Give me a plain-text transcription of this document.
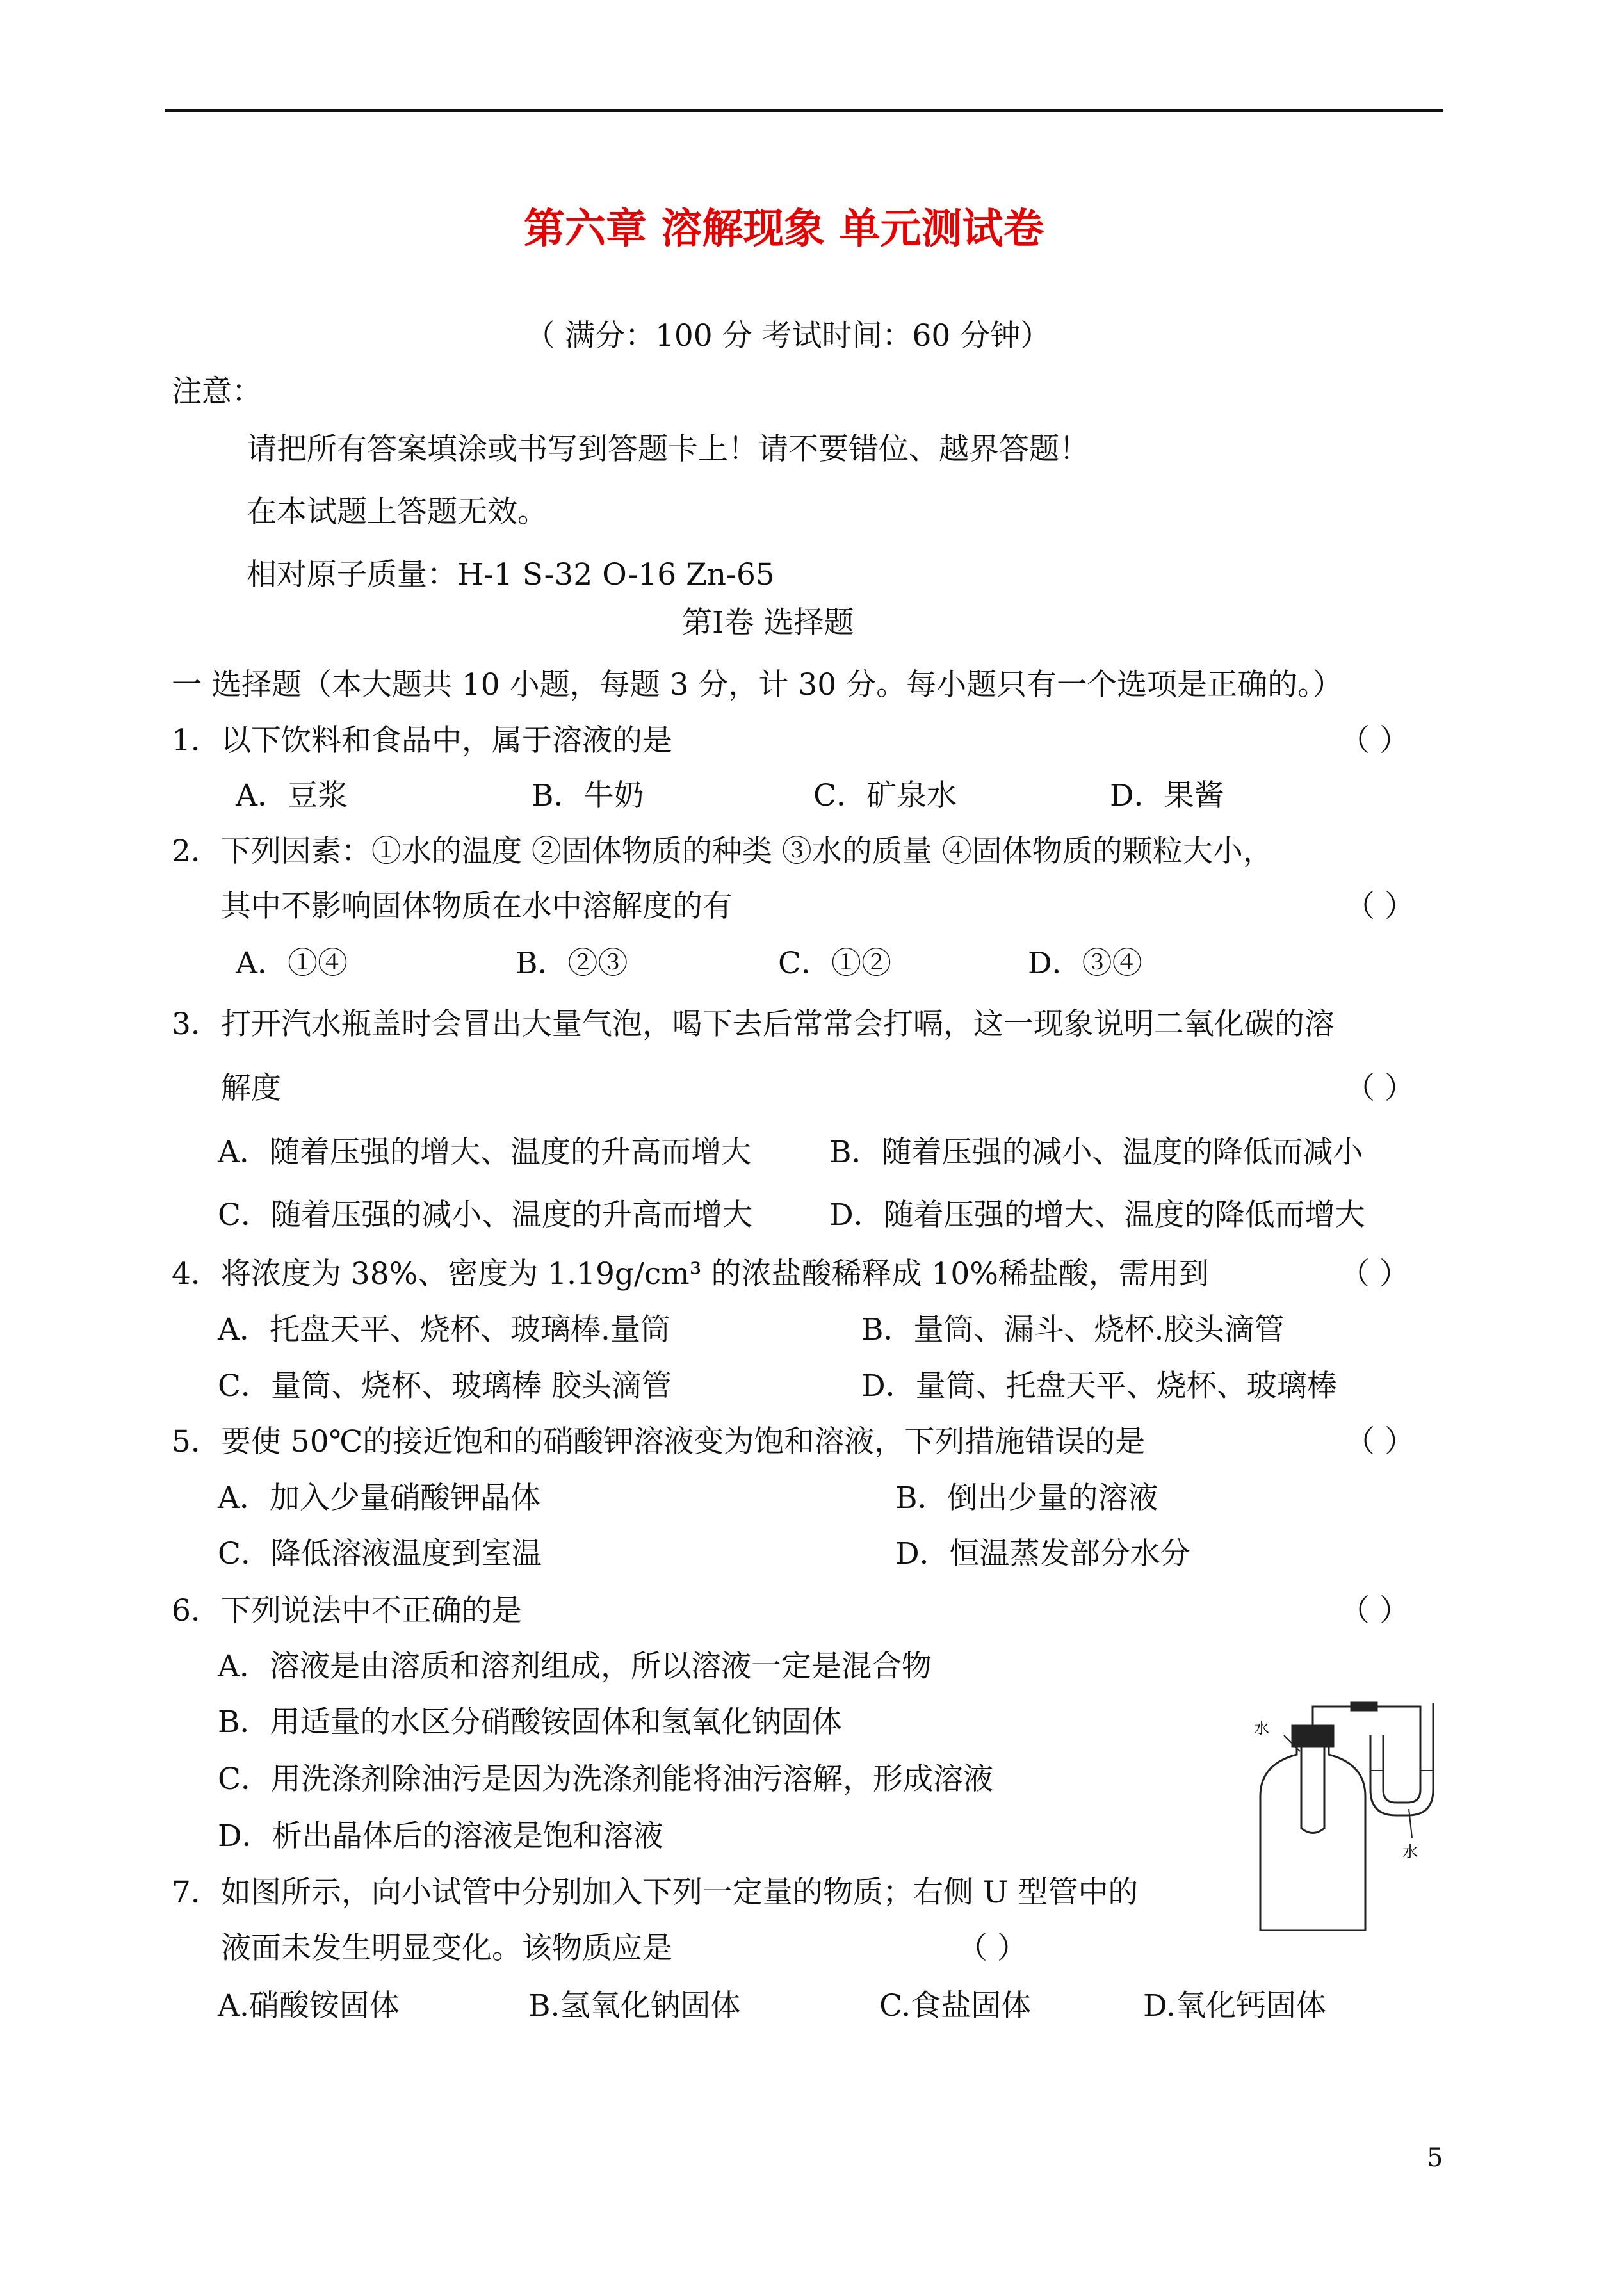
第六章 溶解现象 单元测试卷
（ 满分：100 分 考试时间：60 分钟）
注意：
请把所有答案填涂或书写到答题卡上！请不要错位、越界答题！
在本试题上答题无效。
相对原子质量：H-1 S-32 O-16 Zn-65
第Ⅰ卷 选择题
一 选择题（本大题共 10 小题，每题 3 分，计 30 分。每小题只有一个选项是正确的。）
1．以下饮料和食品中，属于溶液的是	（ ）
A．豆浆	B．牛奶	C．矿泉水	D．果酱
2．下列因素：①水的温度 ②固体物质的种类 ③水的质量 ④固体物质的颗粒大小，
其中不影响固体物质在水中溶解度的有	（ ）
A．①④	B．②③	C．①②	D．③④
3．打开汽水瓶盖时会冒出大量气泡，喝下去后常常会打嗝，这一现象说明二氧化碳的溶
解度	（ ）
A．随着压强的增大、温度的升高而增大	B．随着压强的减小、温度的降低而减小
C．随着压强的减小、温度的升高而增大	D．随着压强的增大、温度的降低而增大
4．将浓度为 38%、密度为 1.19g/cm³ 的浓盐酸稀释成 10%稀盐酸，需用到	（ ）
A．托盘天平、烧杯、玻璃棒.量筒	B．量筒、漏斗、烧杯.胶头滴管
C．量筒、烧杯、玻璃棒 胶头滴管	D．量筒、托盘天平、烧杯、玻璃棒
5．要使 50℃的接近饱和的硝酸钾溶液变为饱和溶液，下列措施错误的是	（ ）
A．加入少量硝酸钾晶体	B．倒出少量的溶液
C．降低溶液温度到室温	D．恒温蒸发部分水分
6．下列说法中不正确的是	（ ）
A．溶液是由溶质和溶剂组成，所以溶液一定是混合物
B．用适量的水区分硝酸铵固体和氢氧化钠固体
C．用洗涤剂除油污是因为洗涤剂能将油污溶解，形成溶液
D．析出晶体后的溶液是饱和溶液
7．如图所示，向小试管中分别加入下列一定量的物质；右侧 U 型管中的
液面未发生明显变化。该物质应是	（ ）
A.硝酸铵固体	B.氢氧化钠固体	C.食盐固体	D.氧化钙固体
水
水
5
